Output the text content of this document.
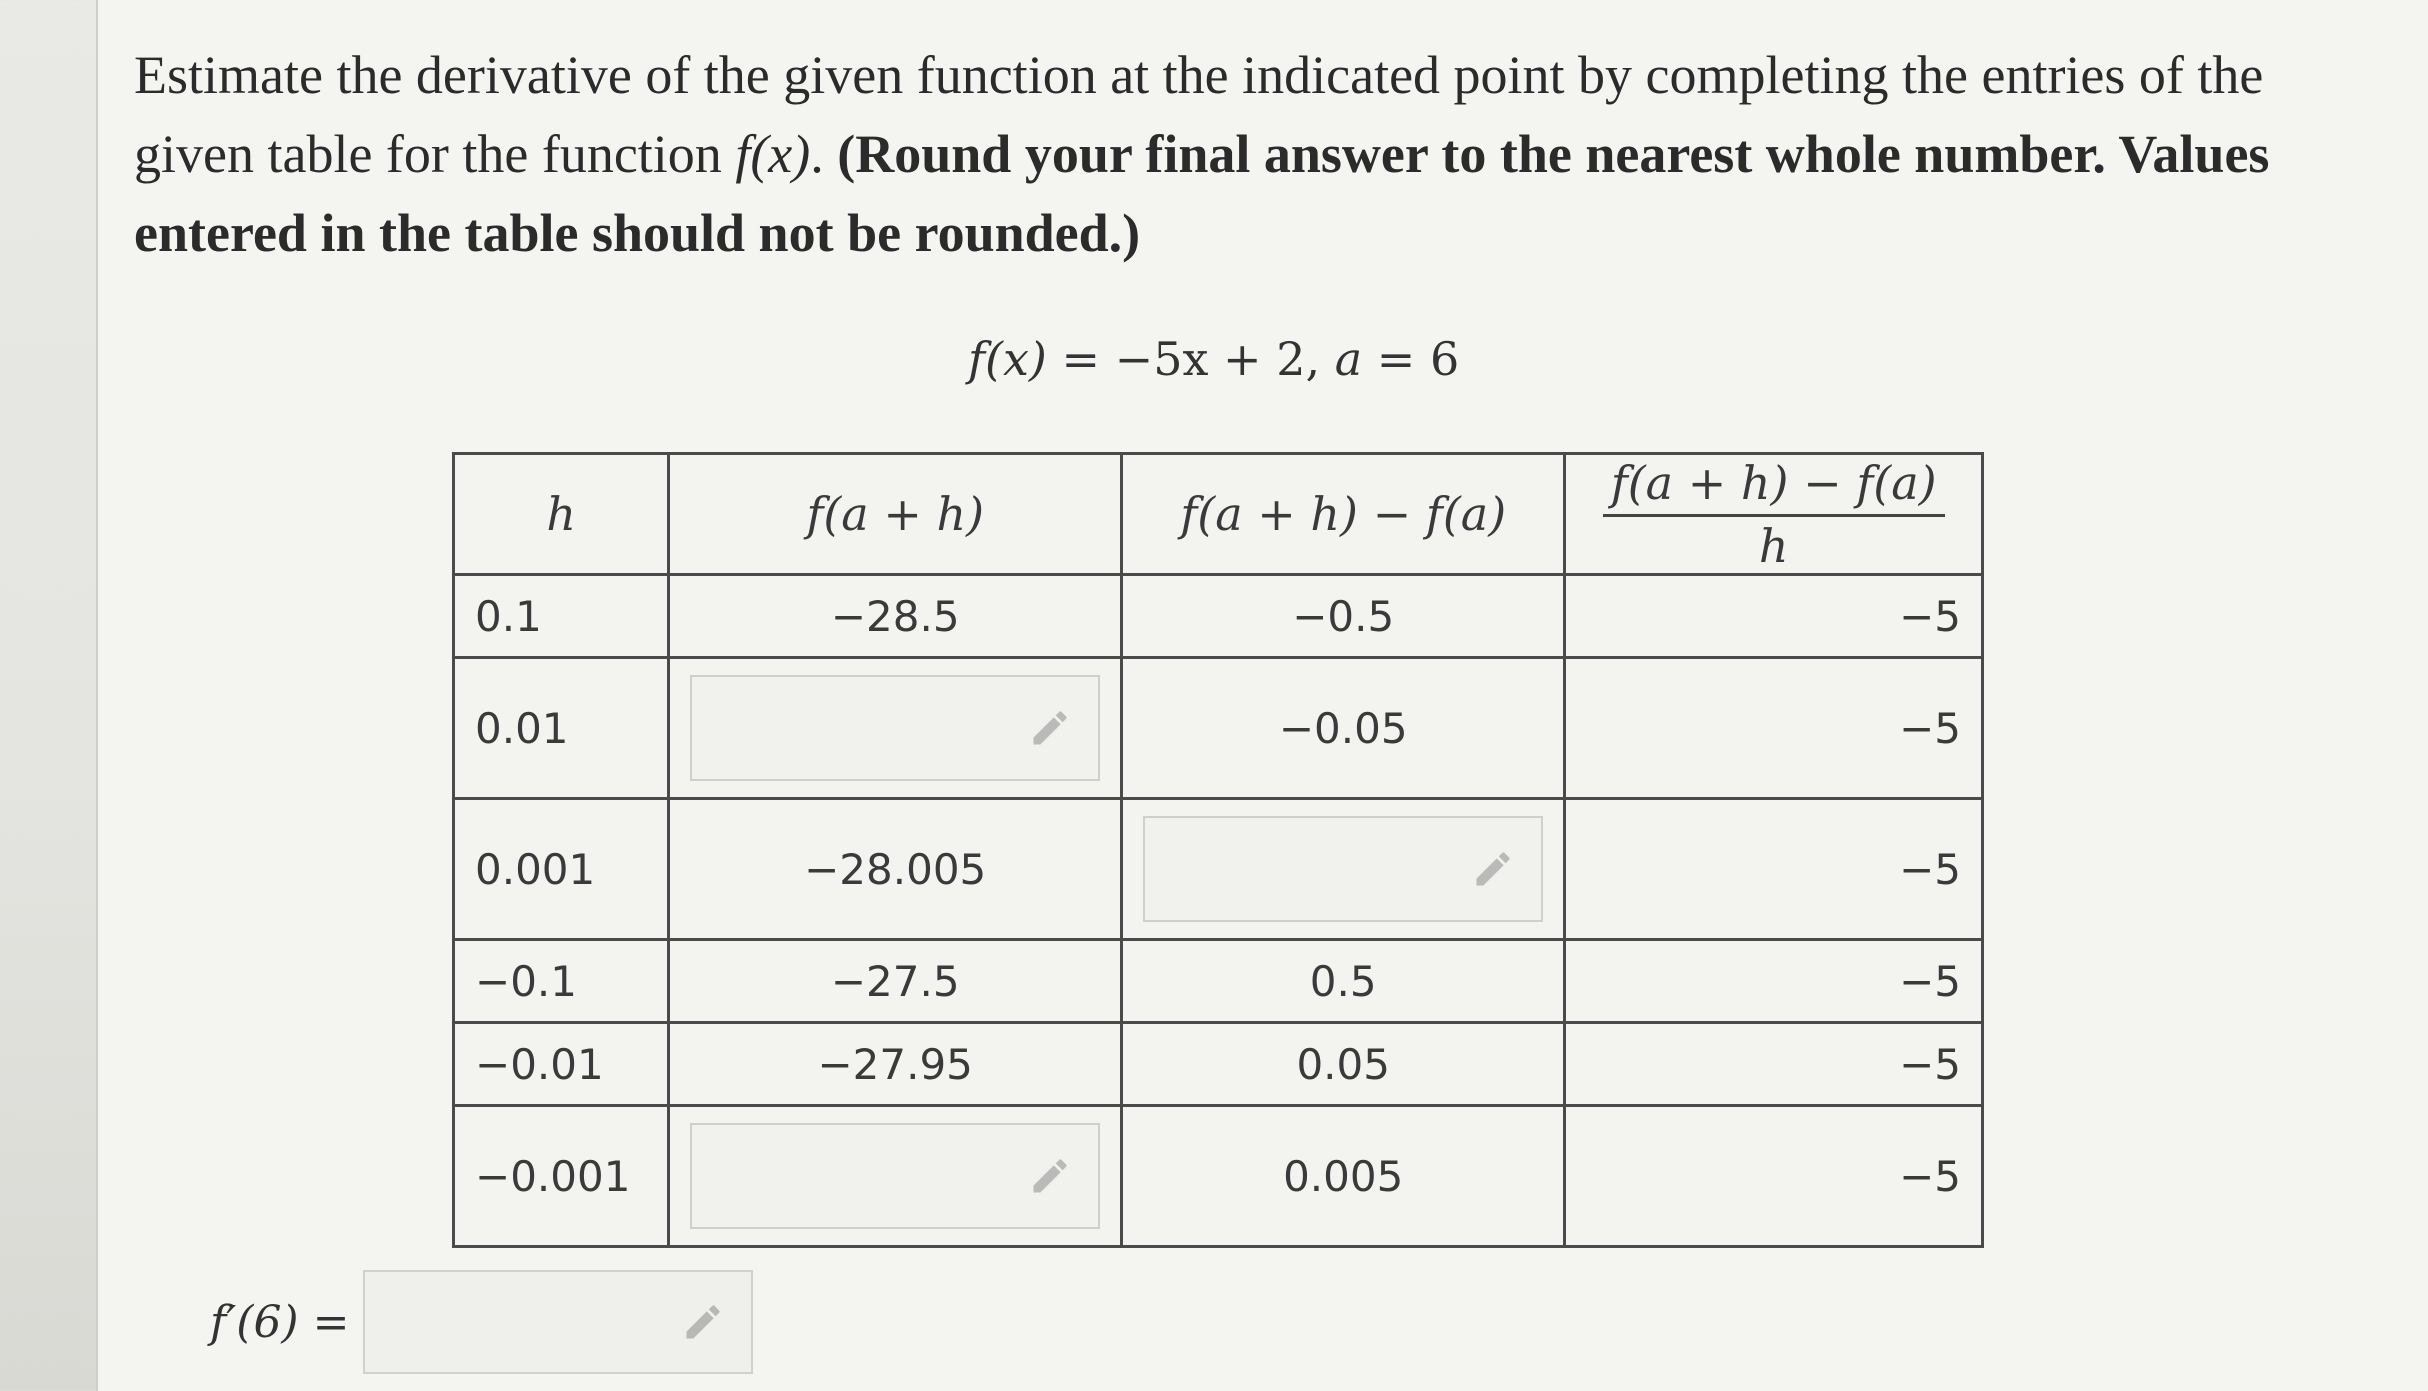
Estimate the derivative of the given function at the indicated point by completing the entries of the given table for the function f(x). (Round your final answer to the nearest whole number. Values entered in the table should not be rounded.)

f(x) = −5x + 2, a = 6
h	f(a + h)	f(a + h) − f(a)	$\frac{f(a + h) - f(a)}{h}$

0.1	−28.5	−0.5	−5
0.01		−0.05	−5
0.001	−28.005		−5
−0.1	−27.5	0.5	−5
−0.01	−27.95	0.05	−5
−0.001		0.005	−5
f′(6) =
